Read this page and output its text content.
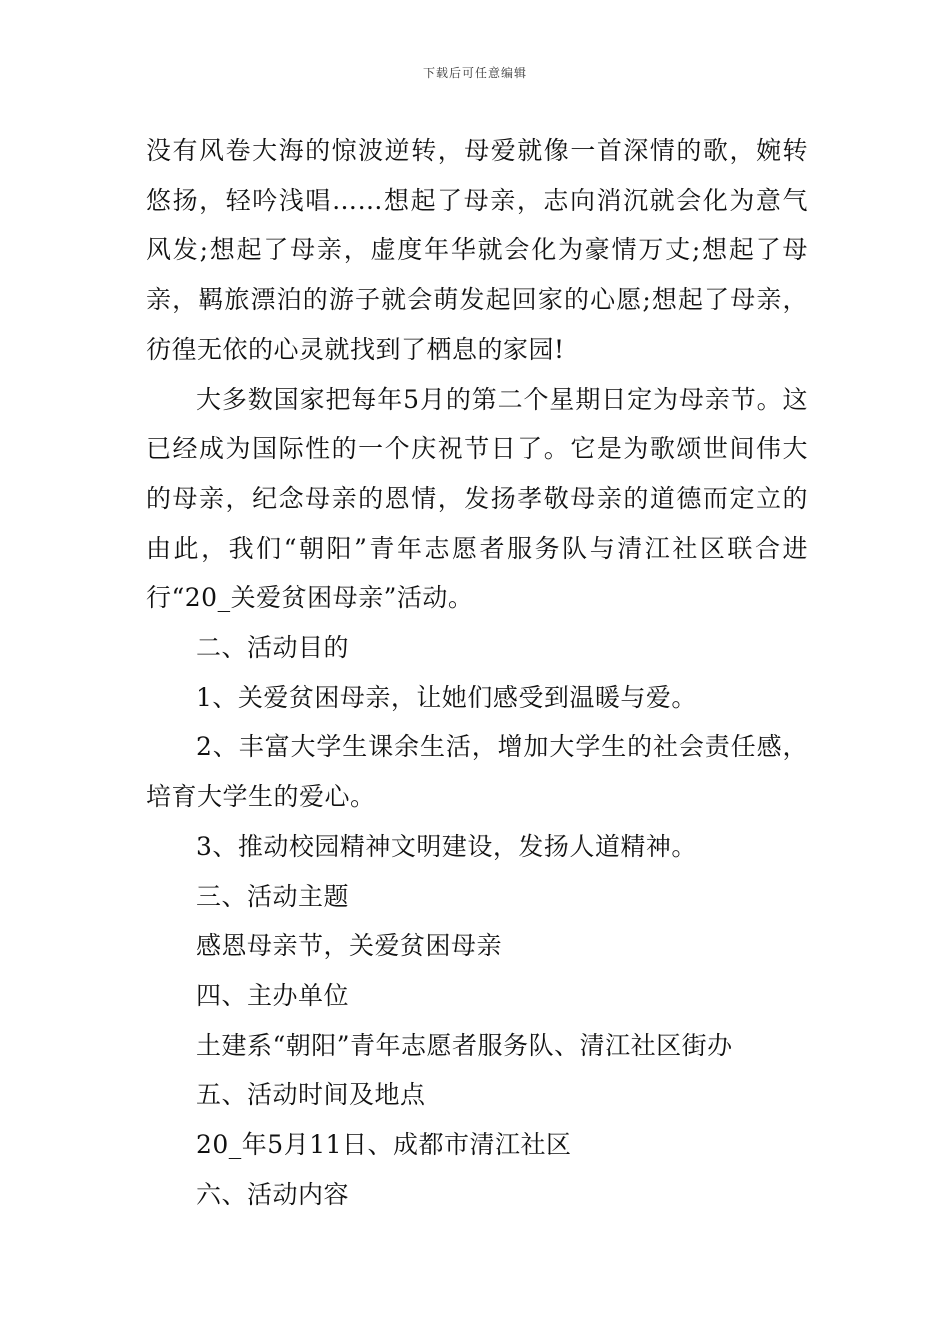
下载后可任意编辑

没有风卷大海的惊波逆转，母爱就像一首深情的歌，婉转悠扬，轻吟浅唱……想起了母亲，志向消沉就会化为意气风发;想起了母亲，虚度年华就会化为豪情万丈;想起了母亲，羁旅漂泊的游子就会萌发起回家的心愿;想起了母亲，彷徨无依的心灵就找到了栖息的家园!

大多数国家把每年5月的第二个星期日定为母亲节。这已经成为国际性的一个庆祝节日了。它是为歌颂世间伟大的母亲，纪念母亲的恩情，发扬孝敬母亲的道德而定立的由此，我们“朝阳”青年志愿者服务队与清江社区联合进行“20_关爱贫困母亲”活动。

二、活动目的

1、关爱贫困母亲，让她们感受到温暖与爱。

2、丰富大学生课余生活，增加大学生的社会责任感，培育大学生的爱心。

3、推动校园精神文明建设，发扬人道精神。

三、活动主题

感恩母亲节，关爱贫困母亲

四、主办单位

土建系“朝阳”青年志愿者服务队、清江社区街办

五、活动时间及地点

20_年5月11日、成都市清江社区

六、活动内容
